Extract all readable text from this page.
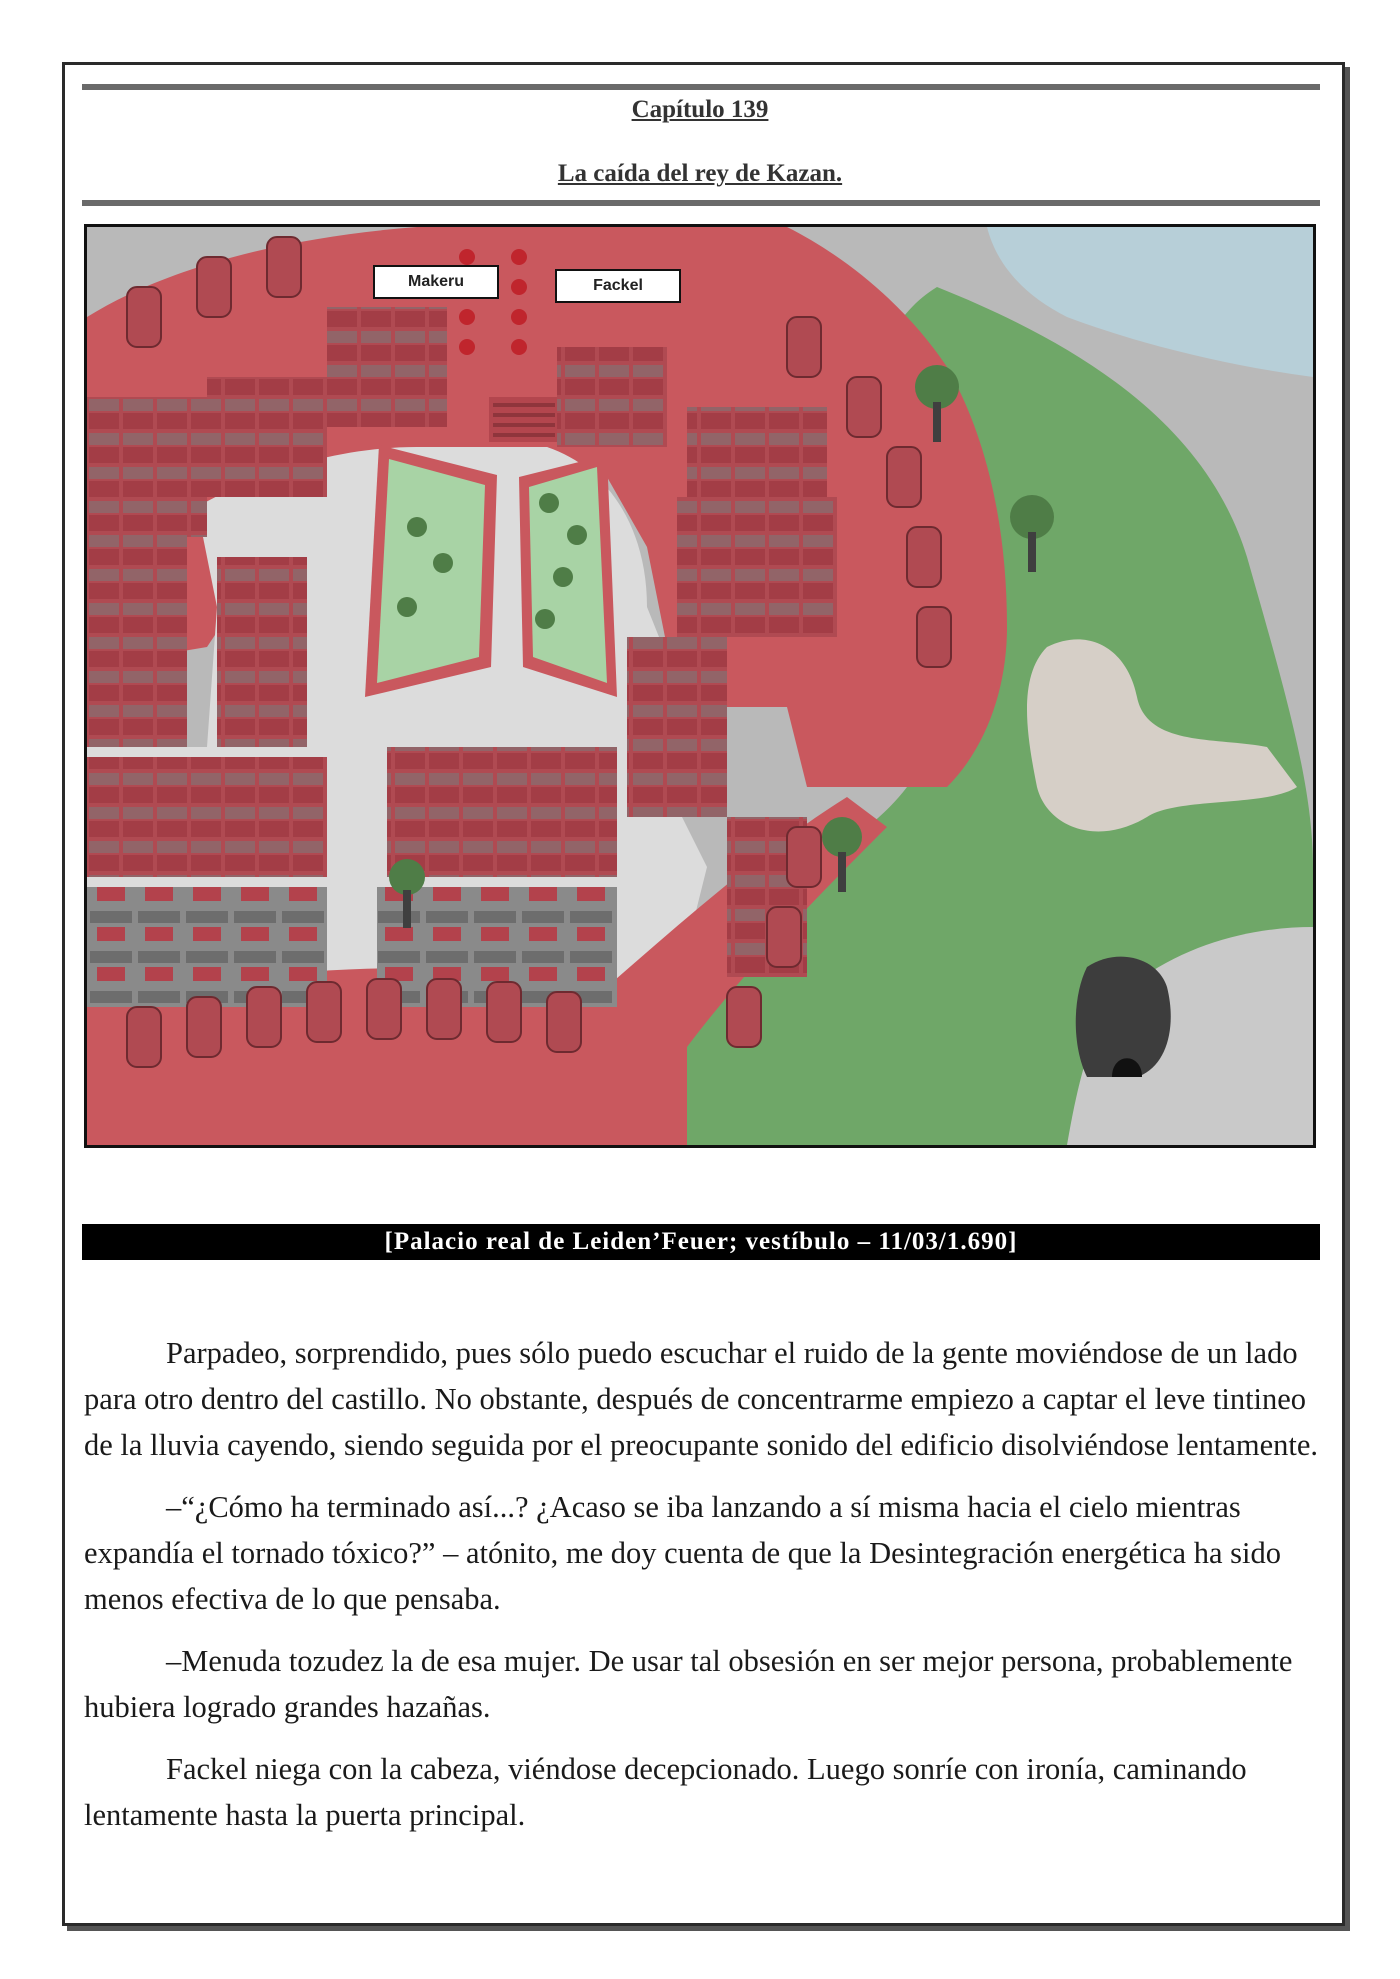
Capítulo 139
La caída del rey de Kazan.
Makeru	Fackel
[Palacio real de Leiden’Feuer; vestíbulo – 11/03/1.690]

Parpadeo, sorprendido, pues sólo puedo escuchar el ruido de la gente moviéndose de un lado para otro dentro del castillo. No obstante, después de concentrarme empiezo a captar el leve tintineo de la lluvia cayendo, siendo seguida por el preocupante sonido del edificio disolviéndose lentamente.

–“¿Cómo ha terminado así...? ¿Acaso se iba lanzando a sí misma hacia el cielo mientras expandía el tornado tóxico?” – atónito, me doy cuenta de que la Desintegración energética ha sido menos efectiva de lo que pensaba.

–Menuda tozudez la de esa mujer. De usar tal obsesión en ser mejor persona, probablemente hubiera logrado grandes hazañas.

Fackel niega con la cabeza, viéndose decepcionado. Luego sonríe con ironía, caminando lentamente hasta la puerta principal.
